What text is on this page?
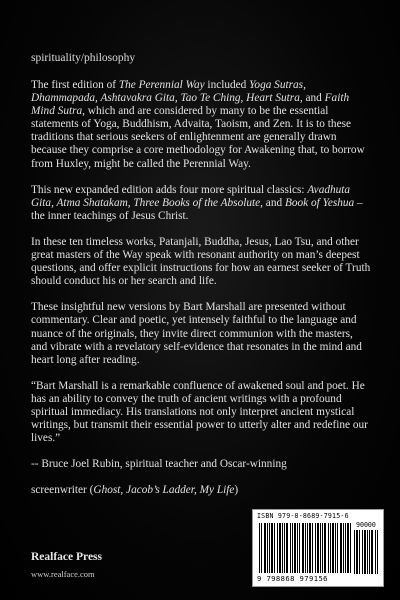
spirituality/philosophy

The first edition of The Perennial Way included Yoga Sutras, Dhammapada, Ashtavakra Gita, Tao Te Ching, Heart Sutra, and Faith Mind Sutra, which and are considered by many to be the essential statements of Yoga, Buddhism, Advaita, Taoism, and Zen. It is to these traditions that serious seekers of enlightenment are generally drawn because they comprise a core methodology for Awakening that, to borrow from Huxley, might be called the Perennial Way.

This new expanded edition adds four more spiritual classics: Avadhuta Gita, Atma Shatakam, Three Books of the Absolute, and Book of Yeshua – the inner teachings of Jesus Christ.

In these ten timeless works, Patanjali, Buddha, Jesus, Lao Tsu, and other great masters of the Way speak with resonant authority on man’s deepest questions, and offer explicit instructions for how an earnest seeker of Truth should conduct his or her search and life.

These insightful new versions by Bart Marshall are presented without commentary. Clear and poetic, yet intensely faithful to the language and nuance of the originals, they invite direct communion with the masters, and vibrate with a revelatory self-evidence that resonates in the mind and heart long after reading.

“Bart Marshall is a remarkable confluence of awakened soul and poet. He has an ability to convey the truth of ancient writings with a profound spiritual immediacy. His translations not only interpret ancient mystical writings, but transmit their essential power to utterly alter and redefine our lives.”

-- Bruce Joel Rubin, spiritual teacher and Oscar-winning

screenwriter (Ghost, Jacob’s Ladder, My Life)

ISBN 979-8-8689-7915-6
90000
9 798868 979156
Realface Press
www.realface.com
